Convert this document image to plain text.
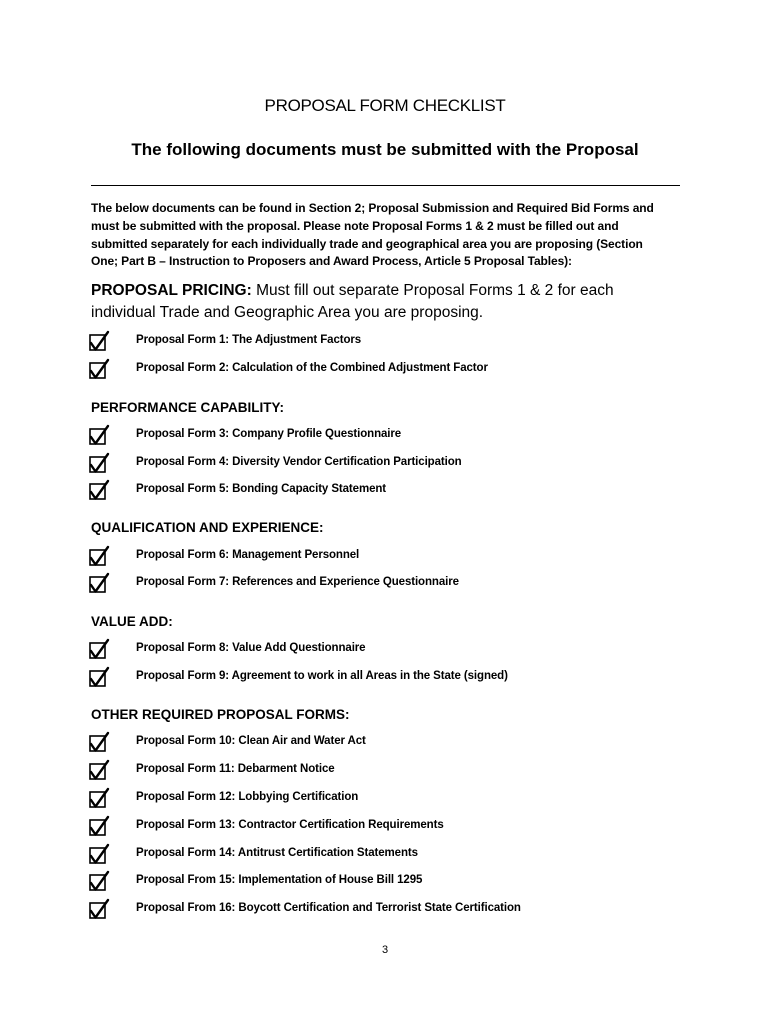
PROPOSAL FORM CHECKLIST
The following documents must be submitted with the Proposal
The below documents can be found in Section 2; Proposal Submission and Required Bid Forms and must be submitted with the proposal. Please note Proposal Forms 1 & 2 must be filled out and submitted separately for each individually trade and geographical area you are proposing (Section One; Part B – Instruction to Proposers and Award Process, Article 5 Proposal Tables):
PROPOSAL PRICING: Must fill out separate Proposal Forms 1 & 2 for each individual Trade and Geographic Area you are proposing.
Proposal Form 1: The Adjustment Factors
Proposal Form 2: Calculation of the Combined Adjustment Factor
PERFORMANCE CAPABILITY:
Proposal Form 3: Company Profile Questionnaire
Proposal Form 4: Diversity Vendor Certification Participation
Proposal Form 5: Bonding Capacity Statement
QUALIFICATION AND EXPERIENCE:
Proposal Form 6: Management Personnel
Proposal Form 7: References and Experience Questionnaire
VALUE ADD:
Proposal Form 8: Value Add Questionnaire
Proposal Form 9: Agreement to work in all Areas in the State (signed)
OTHER REQUIRED PROPOSAL FORMS:
Proposal Form 10: Clean Air and Water Act
Proposal Form 11: Debarment Notice
Proposal Form 12: Lobbying Certification
Proposal Form 13: Contractor Certification Requirements
Proposal Form 14: Antitrust Certification Statements
Proposal From 15: Implementation of House Bill 1295
Proposal From 16: Boycott Certification and Terrorist State Certification
3
